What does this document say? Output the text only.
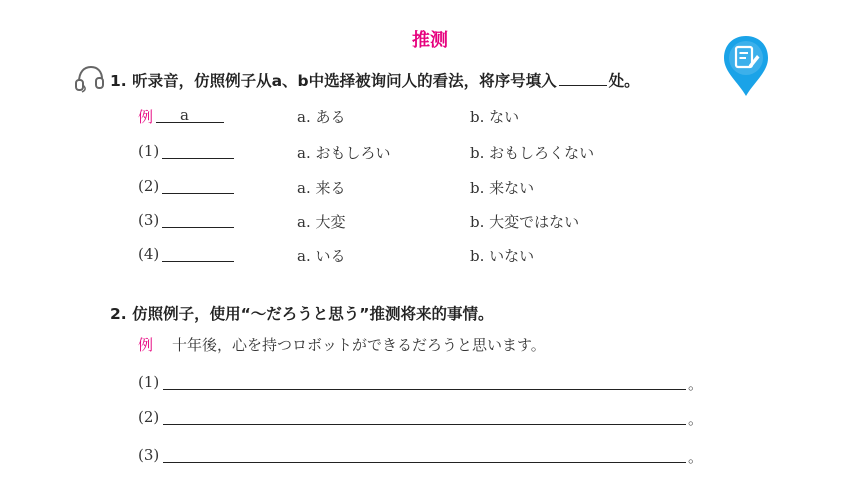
推测
1. 听录音，仿照例子从a、b中选择被询问人的看法，将序号填入	处。
例 a	a. ある	b. ない
(1)	a. おもしろい	b. おもしろくない
(2)	a. 来る	b. 来ない
(3)	a. 大変	b. 大変ではない
(4)	a. いる	b. いない
2. 仿照例子，使用“～だろうと思う”推测将来的事情。
例 十年後，心を持つロボットができるだろうと思います。
(1)	。
(2)	。
(3)	。
